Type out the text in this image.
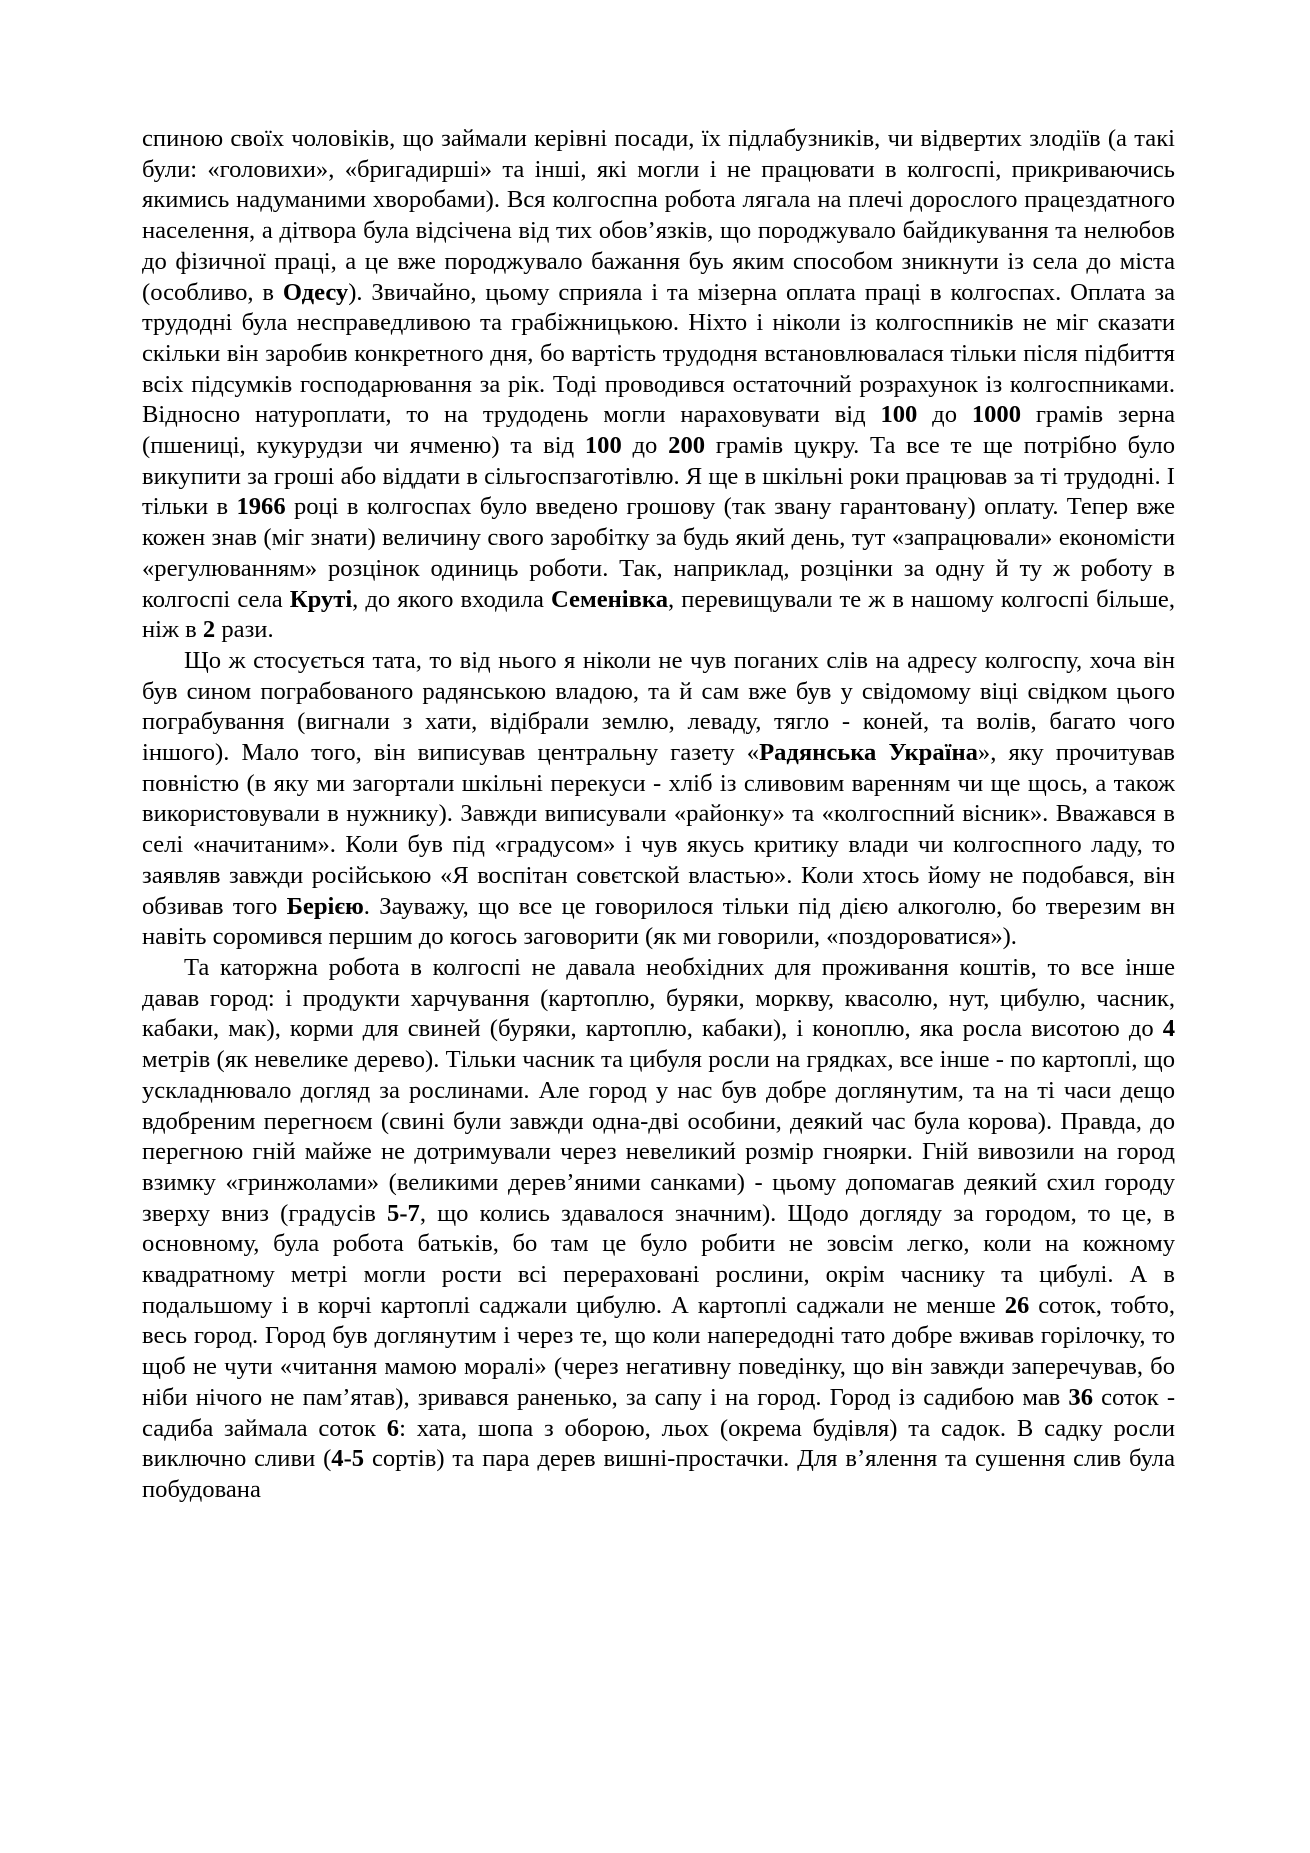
спиною своїх чоловіків, що займали керівні посади, їх підлабузників, чи відвертих злодіїв (а такі були: «головихи», «бригадирші» та інші, які могли і не працювати в колгоспі, прикриваючись якимись надуманими хворобами). Вся колгоспна робота лягала на плечі дорослого працездатного населення, а дітвора була відсічена від тих обов’язків, що породжувало байдикування та нелюбов до фізичної праці, а це вже породжувало бажання буь яким способом зникнути із села до міста (особливо, в Одесу). Звичайно, цьому сприяла і та мізерна оплата праці в колгоспах. Оплата за трудодні була несправедливою та грабіжницькою. Ніхто і ніколи із колгоспників не міг сказати скільки він заробив конкретного дня, бо вартість трудодня встановлювалася тільки після підбиття всіх підсумків господарювання за рік. Тоді проводився остаточний розрахунок із колгоспниками. Відносно натуроплати, то на трудодень могли нараховувати від 100 до 1000 грамів зерна (пшениці, кукурудзи чи ячменю) та від 100 до 200 грамів цукру. Та все те ще потрібно було викупити за гроші або віддати в сільгоспзаготівлю. Я ще в шкільні роки працював за ті трудодні. І тільки в 1966 році в колгоспах було введено грошову (так звану гарантовану) оплату. Тепер вже кожен знав (міг знати) величину свого заробітку за будь який день, тут «запрацювали» економісти «регулюванням» розцінок одиниць роботи. Так, наприклад, розцінки за одну й ту ж роботу в колгоспі села Круті, до якого входила Семенівка, перевищували те ж в нашому колгоспі більше, ніж в 2 рази.

Що ж стосується тата, то від нього я ніколи не чув поганих слів на адресу колгоспу, хоча він був сином пограбованого радянською владою, та й сам вже був у свідомому віці свідком цього пограбування (вигнали з хати, відібрали землю, леваду, тягло - коней, та волів, багато чого іншого). Мало того, він виписував центральну газету «Радянська Україна», яку прочитував повністю (в яку ми загортали шкільні перекуси - хліб із сливовим варенням чи ще щось, а також використовували в нужнику). Завжди виписували «районку» та «колгоспний вісник». Вважався в селі «начитаним». Коли був під «градусом» і чув якусь критику влади чи колгоспного ладу, то заявляв завжди російською «Я воспітан совєтской властью». Коли хтось йому не подобався, він обзивав того Берією. Зауважу, що все це говорилося тільки під дією алкоголю, бо тверезим вн навіть соромився першим до когось заговорити (як ми говорили, «поздороватися»).

Та каторжна робота в колгоспі не давала необхідних для проживання коштів, то все інше давав город: і продукти харчування (картоплю, буряки, моркву, квасолю, нут, цибулю, часник, кабаки, мак), корми для свиней (буряки, картоплю, кабаки), і коноплю, яка росла висотою до 4 метрів (як невелике дерево). Тільки часник та цибуля росли на грядках, все інше - по картоплі, що ускладнювало догляд за рослинами. Але город у нас був добре доглянутим, та на ті часи дещо вдобреним перегноєм (свині були завжди одна-дві особини, деякий час була корова). Правда, до перегною гній майже не дотримували через невеликий розмір гноярки. Гній вивозили на город взимку «гринжолами» (великими дерев’яними санками) - цьому допомагав деякий схил городу зверху вниз (градусів 5-7, що колись здавалося значним). Щодо догляду за городом, то це, в основному, була робота батьків, бо там це було робити не зовсім легко, коли на кожному квадратному метрі могли рости всі перераховані рослини, окрім часнику та цибулі. А в подальшому і в корчі картоплі саджали цибулю. А картоплі саджали не менше 26 соток, тобто, весь город. Город був доглянутим і через те, що коли напередодні тато добре вживав горілочку, то щоб не чути «читання мамою моралі» (через негативну поведінку, що він завжди заперечував, бо ніби нічого не пам’ятав), зривався раненько, за сапу і на город. Город із садибою мав 36 соток - садиба займала соток 6: хата, шопа з оборою, льох (окрема будівля) та садок. В садку росли виключно сливи (4-5 сортів) та пара дерев вишні-простачки. Для в’ялення та сушення слив була побудована
